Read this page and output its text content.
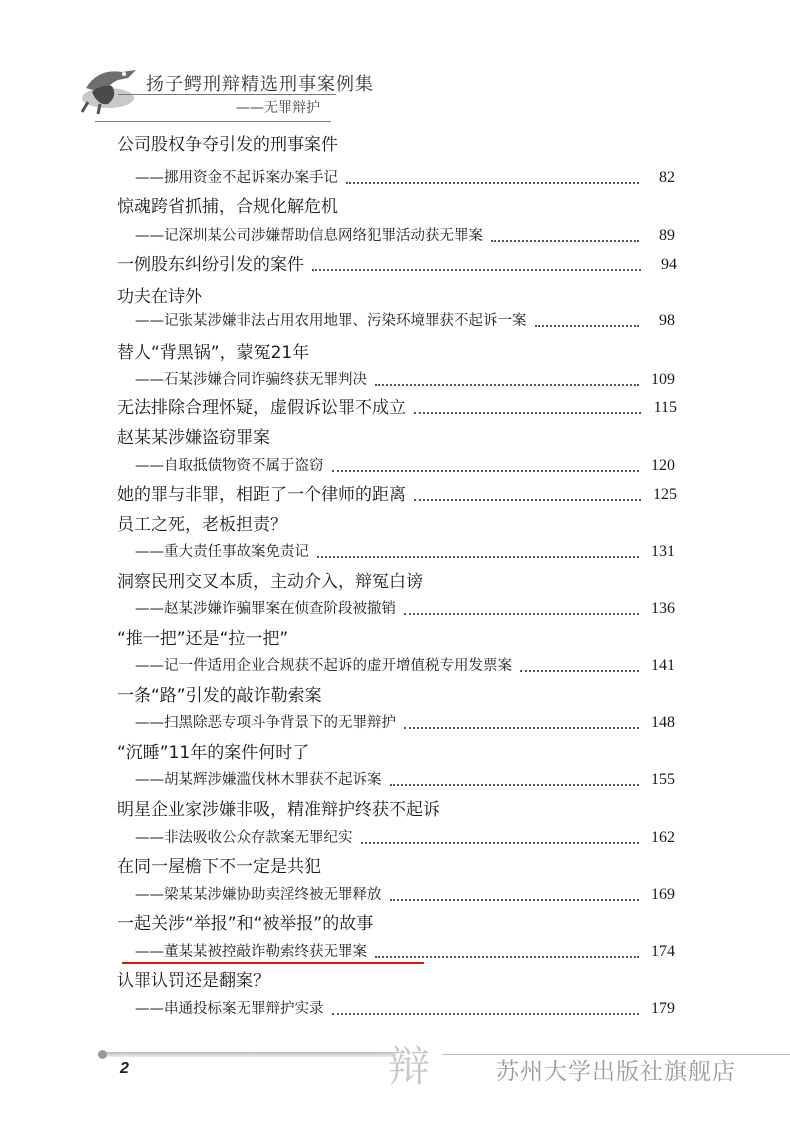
扬子鳄刑辩精选刑事案例集
——无罪辩护
公司股权争夺引发的刑事案件
——挪用资金不起诉案办案手记	82
惊魂跨省抓捕，合规化解危机
——记深圳某公司涉嫌帮助信息网络犯罪活动获无罪案	89
一例股东纠纷引发的案件	94
功夫在诗外
——记张某涉嫌非法占用农用地罪、污染环境罪获不起诉一案	98
替人“背黑锅”，蒙冤21年
——石某涉嫌合同诈骗终获无罪判决	109
无法排除合理怀疑，虚假诉讼罪不成立	115
赵某某涉嫌盗窃罪案
——自取抵债物资不属于盗窃	120
她的罪与非罪，相距了一个律师的距离	125
员工之死，老板担责？
——重大责任事故案免责记	131
洞察民刑交叉本质，主动介入，辩冤白谤
——赵某涉嫌诈骗罪案在侦查阶段被撤销	136
“推一把”还是“拉一把”
——记一件适用企业合规获不起诉的虚开增值税专用发票案	141
一条“路”引发的敲诈勒索案
——扫黑除恶专项斗争背景下的无罪辩护	148
“沉睡”11年的案件何时了
——胡某辉涉嫌滥伐林木罪获不起诉案	155
明星企业家涉嫌非吸，精准辩护终获不起诉
——非法吸收公众存款案无罪纪实	162
在同一屋檐下不一定是共犯
——梁某某涉嫌协助卖淫终被无罪释放	169
一起关涉“举报”和“被举报”的故事
——董某某被控敲诈勒索终获无罪案	174
认罪认罚还是翻案？
——串通投标案无罪辩护实录	179
2	辩	苏州大学出版社旗舰店
